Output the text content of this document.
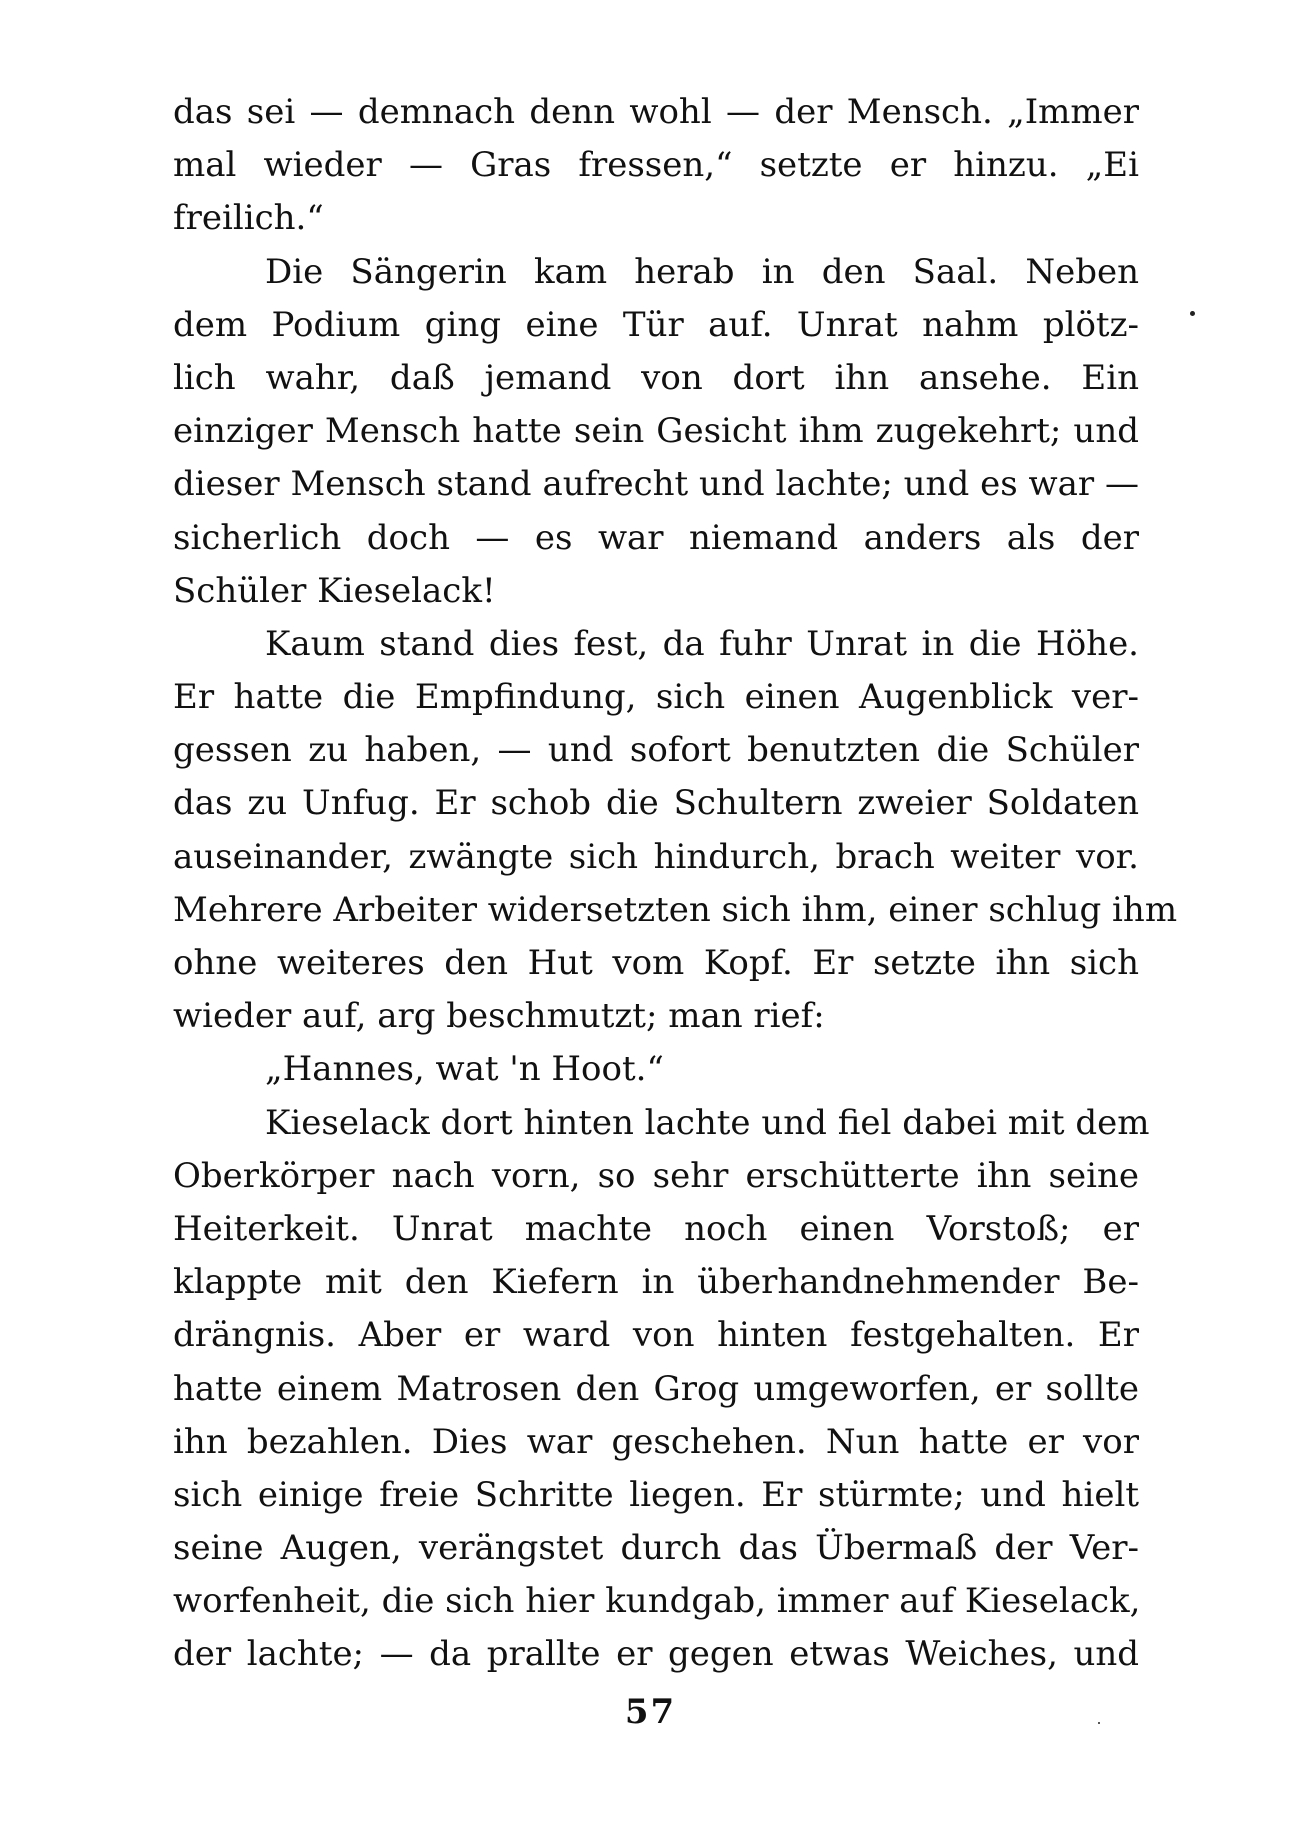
das sei — demnach denn wohl — der Mensch. „Immer
mal wieder — Gras fressen,“ setzte er hinzu. „Ei
freilich.“
Die Sängerin kam herab in den Saal. Neben
dem Podium ging eine Tür auf. Unrat nahm plötz-
lich wahr, daß jemand von dort ihn ansehe. Ein
einziger Mensch hatte sein Gesicht ihm zugekehrt; und
dieser Mensch stand aufrecht und lachte; und es war —
sicherlich doch — es war niemand anders als der
Schüler Kieselack!
Kaum stand dies fest, da fuhr Unrat in die Höhe.
Er hatte die Empfindung, sich einen Augenblick ver-
gessen zu haben, — und sofort benutzten die Schüler
das zu Unfug. Er schob die Schultern zweier Soldaten
auseinander, zwängte sich hindurch, brach weiter vor.
Mehrere Arbeiter widersetzten sich ihm, einer schlug ihm
ohne weiteres den Hut vom Kopf. Er setzte ihn sich
wieder auf, arg beschmutzt; man rief:
„Hannes, wat 'n Hoot.“
Kieselack dort hinten lachte und fiel dabei mit dem
Oberkörper nach vorn, so sehr erschütterte ihn seine
Heiterkeit. Unrat machte noch einen Vorstoß; er
klappte mit den Kiefern in überhandnehmender Be-
drängnis. Aber er ward von hinten festgehalten. Er
hatte einem Matrosen den Grog umgeworfen, er sollte
ihn bezahlen. Dies war geschehen. Nun hatte er vor
sich einige freie Schritte liegen. Er stürmte; und hielt
seine Augen, verängstet durch das Übermaß der Ver-
worfenheit, die sich hier kundgab, immer auf Kieselack,
der lachte; — da prallte er gegen etwas Weiches, und
57
